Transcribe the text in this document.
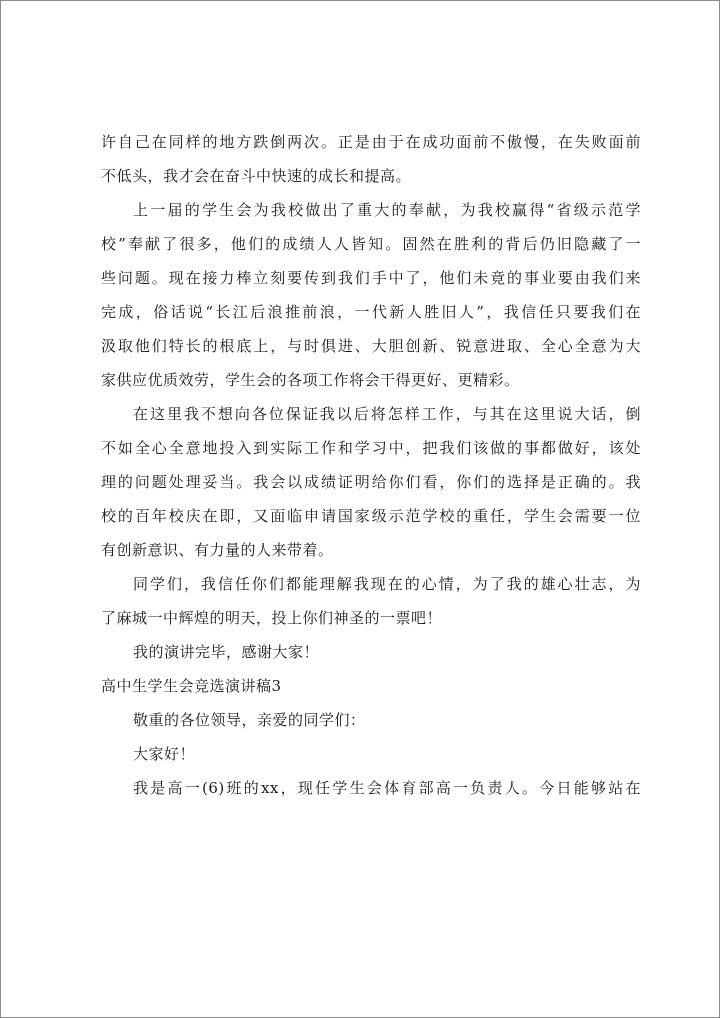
许自己在同样的地方跌倒两次。正是由于在成功面前不傲慢，在失败面前
不低头，我才会在奋斗中快速的成长和提高。
上一届的学生会为我校做出了重大的奉献，为我校赢得“省级示范学
校”奉献了很多，他们的成绩人人皆知。固然在胜利的背后仍旧隐藏了一
些问题。现在接力棒立刻要传到我们手中了，他们未竟的事业要由我们来
完成，俗话说“长江后浪推前浪，一代新人胜旧人”，我信任只要我们在
汲取他们特长的根底上，与时俱进、大胆创新、锐意进取、全心全意为大
家供应优质效劳，学生会的各项工作将会干得更好、更精彩。
在这里我不想向各位保证我以后将怎样工作，与其在这里说大话，倒
不如全心全意地投入到实际工作和学习中，把我们该做的事都做好，该处
理的问题处理妥当。我会以成绩证明给你们看，你们的选择是正确的。我
校的百年校庆在即，又面临申请国家级示范学校的重任，学生会需要一位
有创新意识、有力量的人来带着。
同学们，我信任你们都能理解我现在的心情，为了我的雄心壮志，为
了麻城一中辉煌的明天，投上你们神圣的一票吧！
我的演讲完毕，感谢大家！
高中生学生会竞选演讲稿3
敬重的各位领导，亲爱的同学们：
大家好！
我是高一(6)班的xx，现任学生会体育部高一负责人。今日能够站在
